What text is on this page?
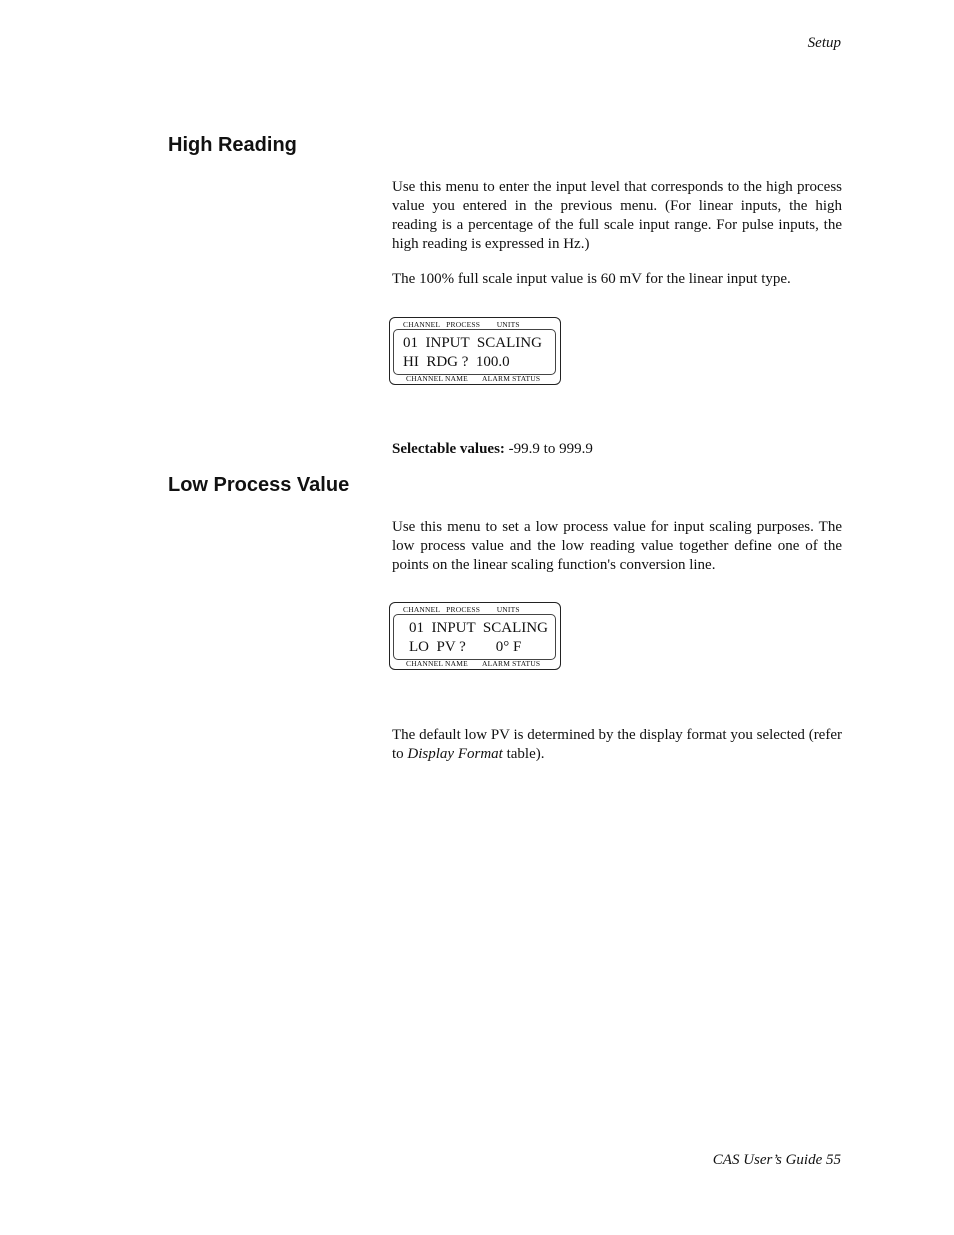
Setup
High Reading

Use this menu to enter the input level that corresponds to the high process value you entered in the previous menu. (For linear inputs, the high reading is a percentage of the full scale input range. For pulse inputs, the high reading is expressed in Hz.)

The 100% full scale input value is 60 mV for the linear input type.

CHANNEL   PROCESS        UNITS
01  INPUT  SCALING
HI  RDG ?  100.0
CHANNEL NAME       ALARM STATUS

Selectable values: -99.9 to 999.9

Low Process Value

Use this menu to set a low process value for input scaling purposes. The low process value and the low reading value together define one of the points on the linear scaling function's conversion line.

CHANNEL   PROCESS        UNITS
01  INPUT  SCALING
LO  PV ?        0° F
CHANNEL NAME       ALARM STATUS

The default low PV is determined by the display format you selected (refer to Display Format table).

CAS User’s Guide 55
